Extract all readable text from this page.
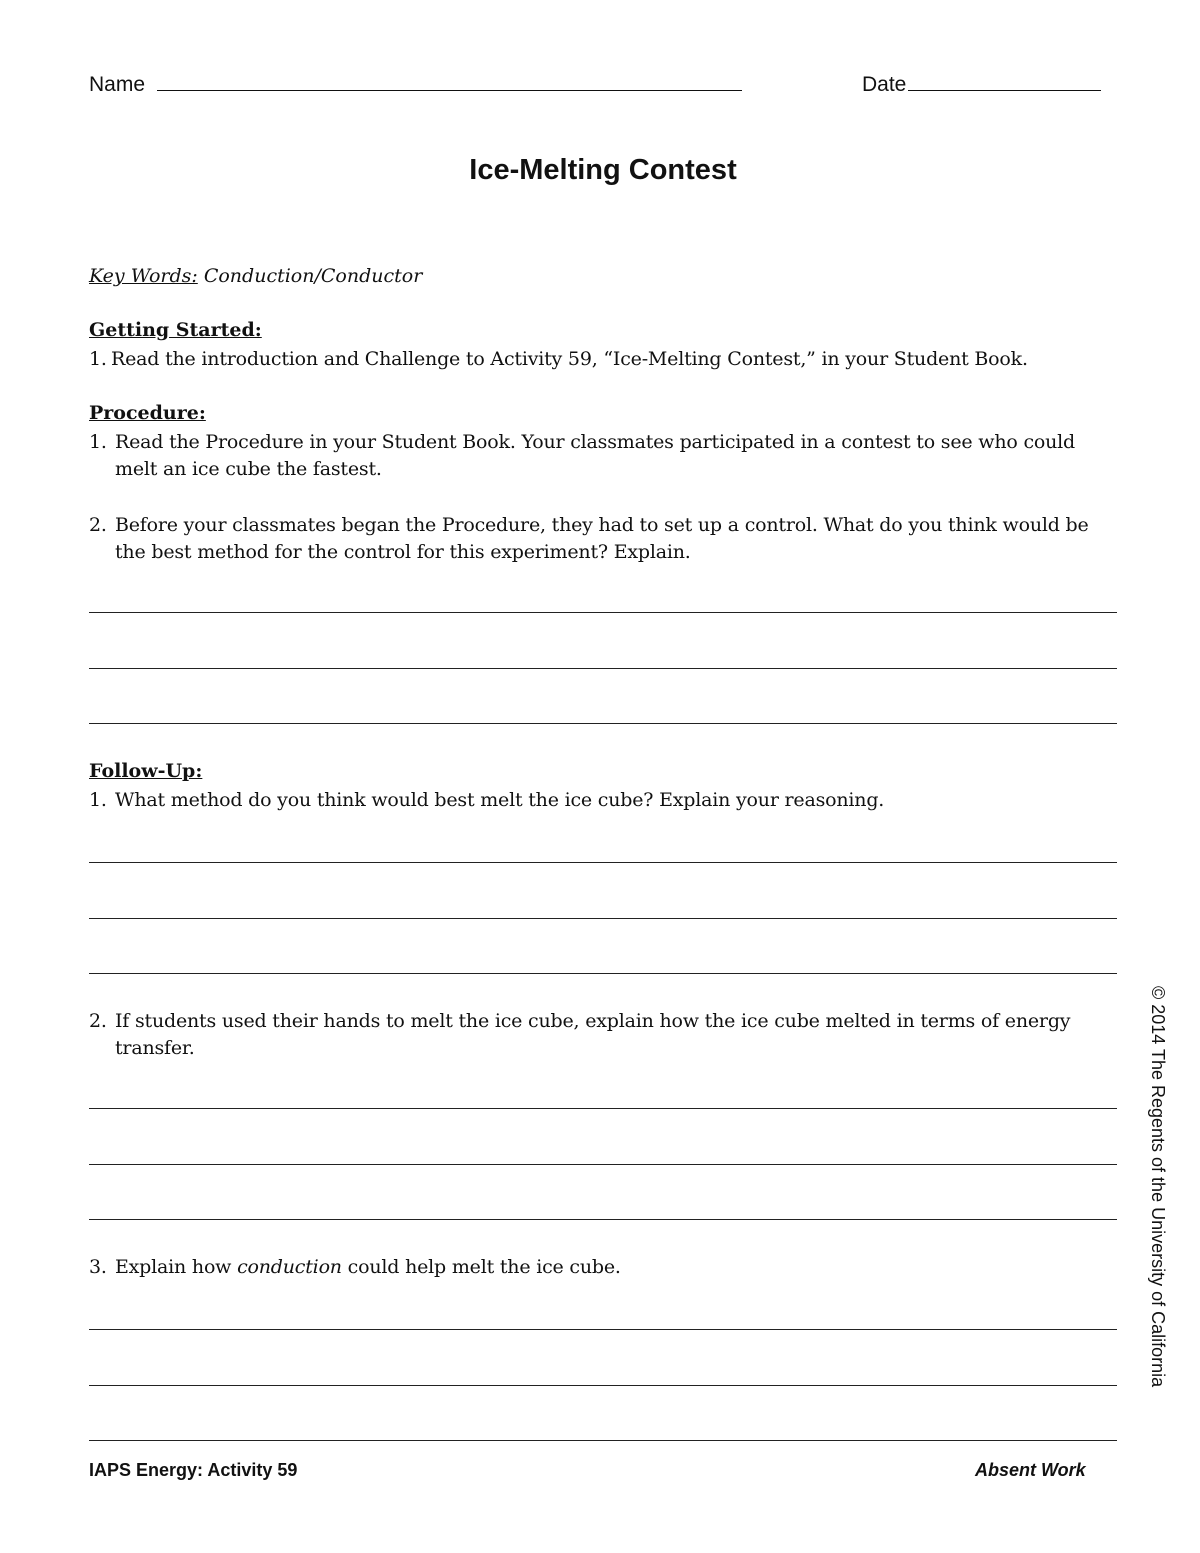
Name	Date
Ice-Melting Contest
Key Words: Conduction/Conductor
Getting Started:
1. Read the introduction and Challenge to Activity 59, “Ice-Melting Contest,” in your Student Book.
Procedure:
1. Read the Procedure in your Student Book. Your classmates participated in a contest to see who could melt an ice cube the fastest.
2. Before your classmates began the Procedure, they had to set up a control. What do you think would be the best method for the control for this experiment? Explain.
Follow-Up:
1. What method do you think would best melt the ice cube? Explain your reasoning.
2. If students used their hands to melt the ice cube, explain how the ice cube melted in terms of energy transfer.
3. Explain how conduction could help melt the ice cube.	© 2014 The Regents of the University of California
IAPS Energy: Activity 59	Absent Work
